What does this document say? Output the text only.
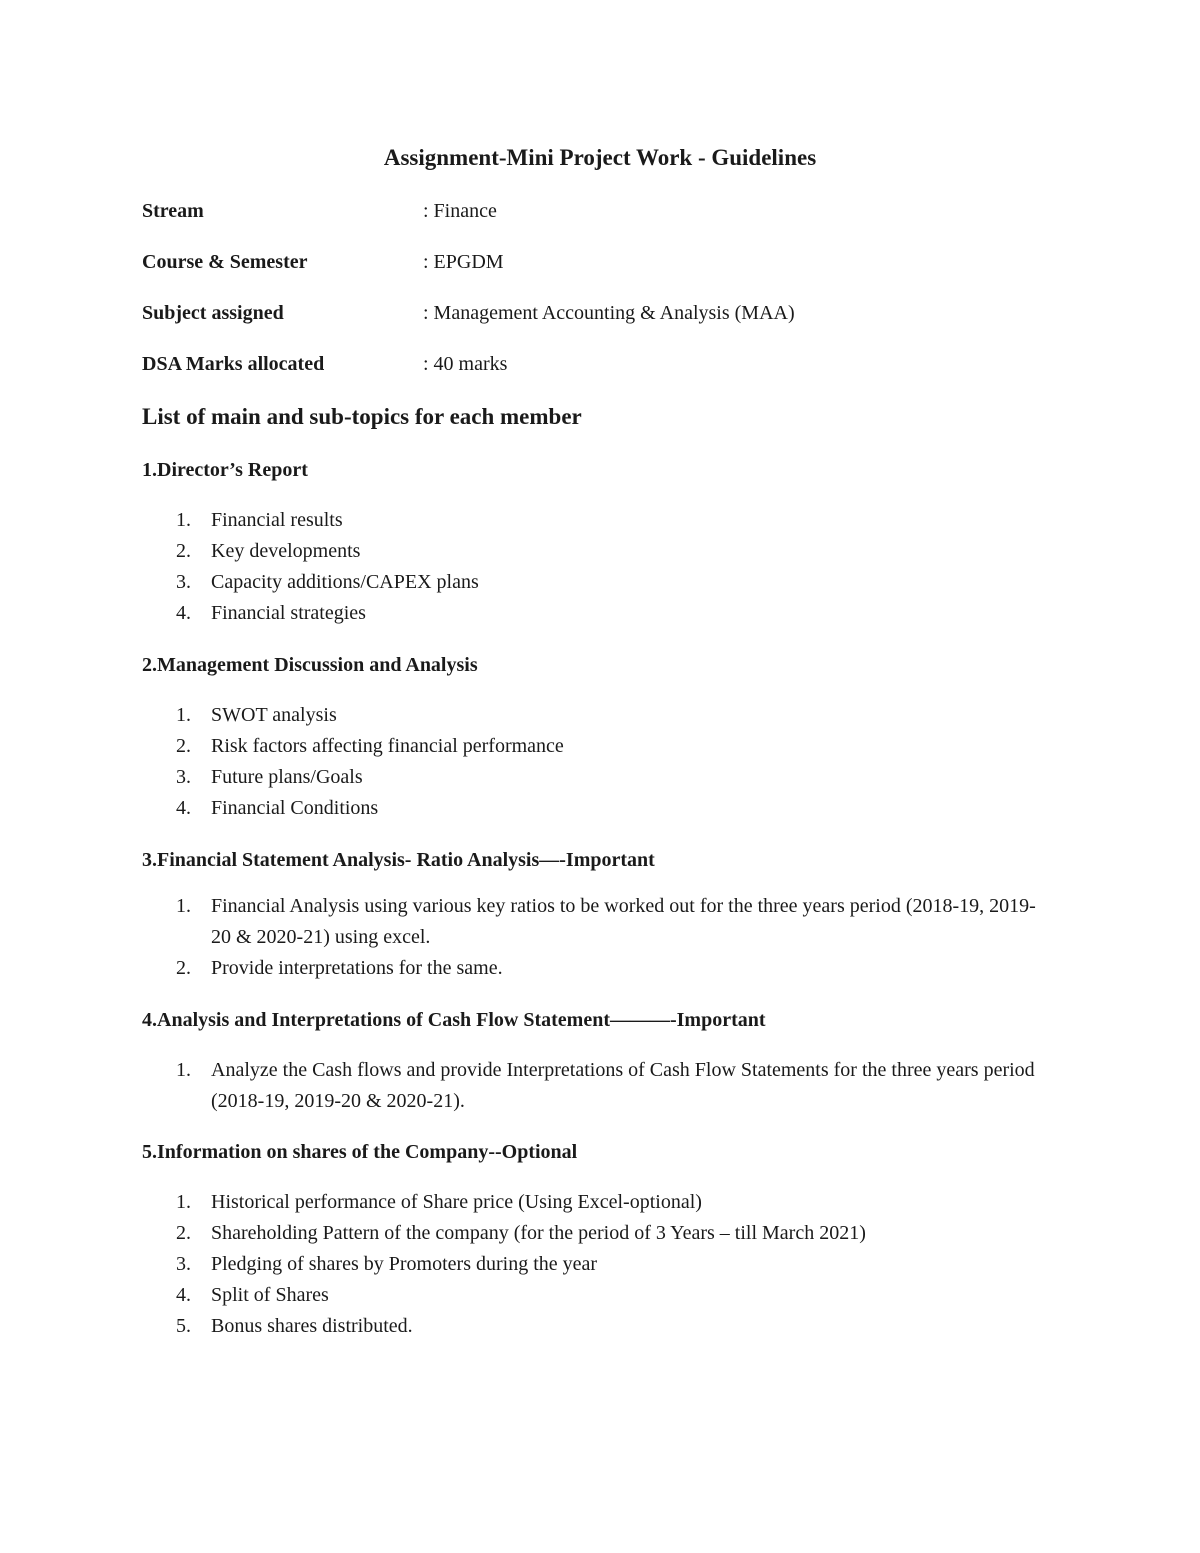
Assignment-Mini Project Work - Guidelines
Stream	: Finance
Course & Semester	: EPGDM
Subject assigned	: Management Accounting & Analysis (MAA)
DSA Marks allocated	: 40 marks
List of main and sub-topics for each member
1.Director’s Report
1. Financial results
2. Key developments
3. Capacity additions/CAPEX plans
4. Financial strategies
2.Management Discussion and Analysis
1. SWOT analysis
2. Risk factors affecting financial performance
3. Future plans/Goals
4. Financial Conditions
3.Financial Statement Analysis- Ratio Analysis—-Important
1. Financial Analysis using various key ratios to be worked out for the three years period (2018-19, 2019-20 & 2020-21) using excel.
2. Provide interpretations for the same.
4.Analysis and Interpretations of Cash Flow Statement———-Important
1. Analyze the Cash flows and provide Interpretations of Cash Flow Statements for the three years period (2018-19, 2019-20 & 2020-21).
5.Information on shares of the Company--Optional
1. Historical performance of Share price (Using Excel-optional)
2. Shareholding Pattern of the company (for the period of 3 Years – till March 2021)
3. Pledging of shares by Promoters during the year
4. Split of Shares
5. Bonus shares distributed.
